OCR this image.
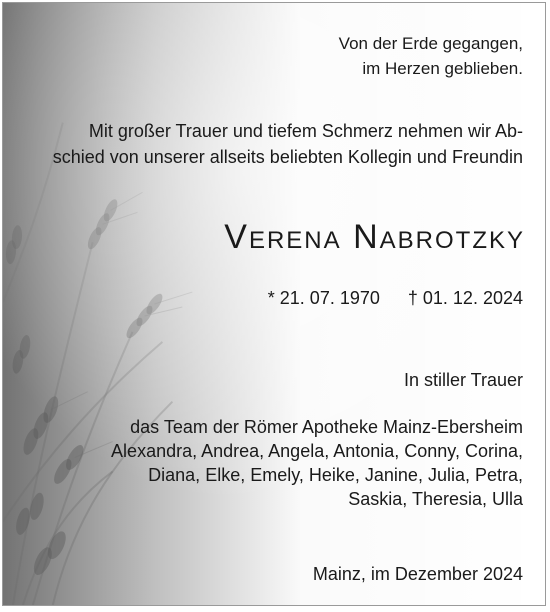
Von der Erde gegangen,
im Herzen geblieben.
Mit großer Trauer und tiefem Schmerz nehmen wir Ab-
schied von unserer allseits beliebten Kollegin und Freundin
Verena Nabrotzky
* 21. 07. 1970 † 01. 12. 2024
In stiller Trauer
das Team der Römer Apotheke Mainz-Ebersheim
Alexandra, Andrea, Angela, Antonia, Conny, Corina,
Diana, Elke, Emely, Heike, Janine, Julia, Petra,
Saskia, Theresia, Ulla
Mainz, im Dezember 2024
